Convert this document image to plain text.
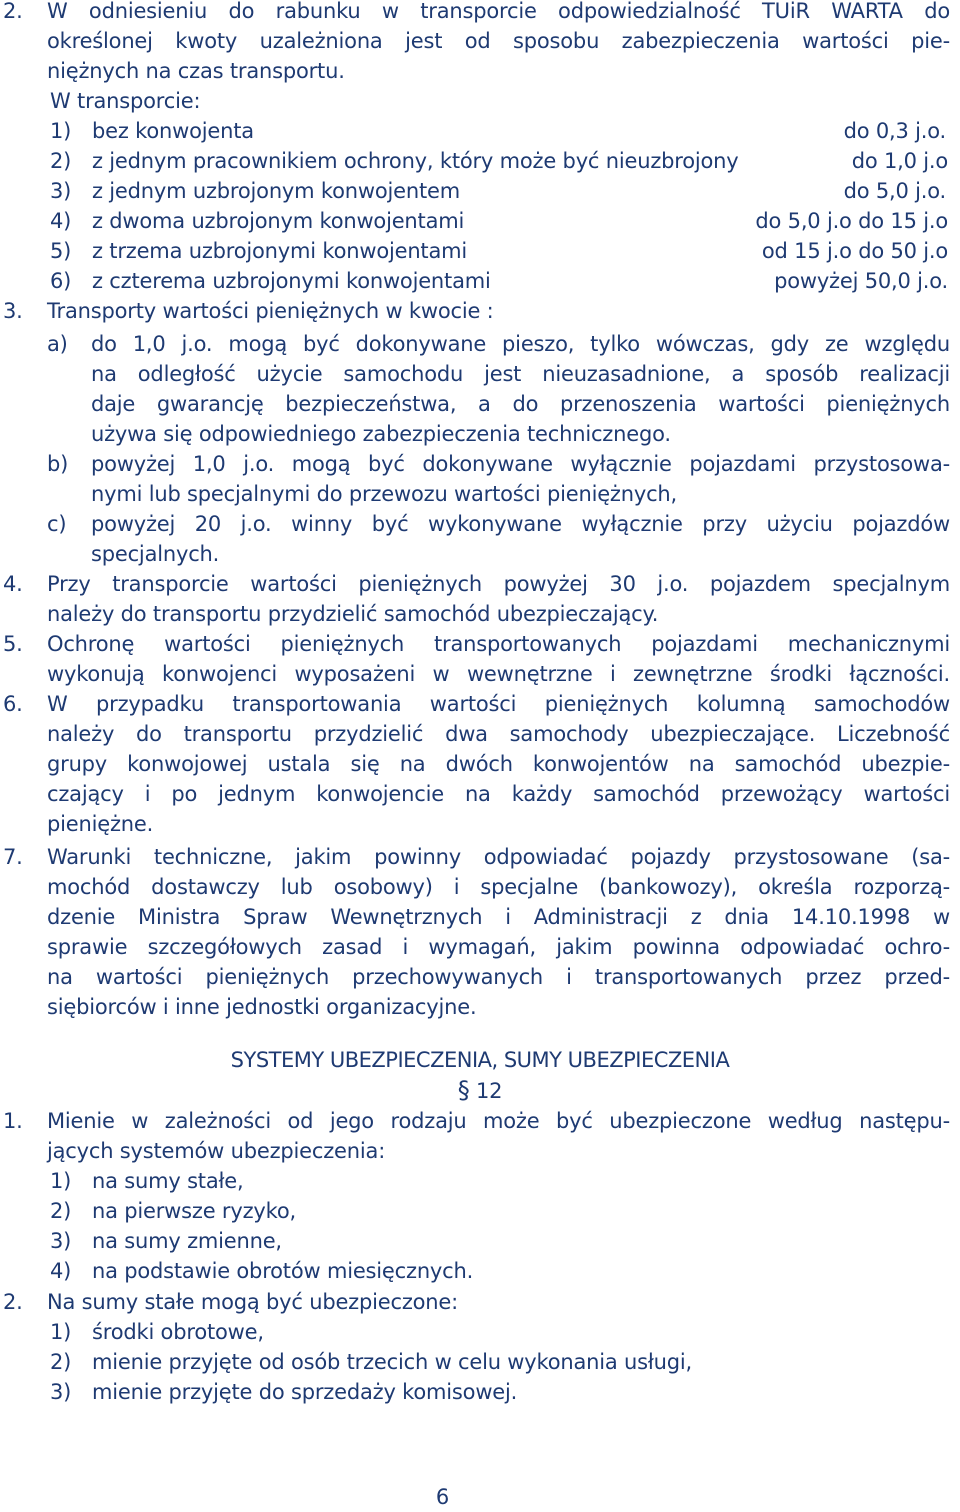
2. W odniesieniu do rabunku w transporcie odpowiedzialność TUiR WARTA do
określonej kwoty uzależniona jest od sposobu zabezpieczenia wartości pie-
niężnych na czas transportu.
W transporcie:
1) bez konwojenta	do 0,3 j.o.
2) z jednym pracownikiem ochrony, który może być nieuzbrojony	do 1,0 j.o
3) z jednym uzbrojonym konwojentem	do 5,0 j.o.
4) z dwoma uzbrojonym konwojentami	do 5,0 j.o do 15 j.o
5) z trzema uzbrojonymi konwojentami	od 15 j.o do 50 j.o
6) z czterema uzbrojonymi konwojentami	powyżej 50,0 j.o.
3. Transporty wartości pieniężnych w kwocie :
a) do 1,0 j.o. mogą być dokonywane pieszo, tylko wówczas, gdy ze względu
na odległość użycie samochodu jest nieuzasadnione, a sposób realizacji
daje gwarancję bezpieczeństwa, a do przenoszenia wartości pieniężnych
używa się odpowiedniego zabezpieczenia technicznego.
b) powyżej 1,0 j.o. mogą być dokonywane wyłącznie pojazdami przystosowa-
nymi lub specjalnymi do przewozu wartości pieniężnych,
c) powyżej 20 j.o. winny być wykonywane wyłącznie przy użyciu pojazdów
specjalnych.
4. Przy transporcie wartości pieniężnych powyżej 30 j.o. pojazdem specjalnym
należy do transportu przydzielić samochód ubezpieczający.
5. Ochronę wartości pieniężnych transportowanych pojazdami mechanicznymi
wykonują konwojenci wyposażeni w wewnętrzne i zewnętrzne środki łączności.
6. W przypadku transportowania wartości pieniężnych kolumną samochodów
należy do transportu przydzielić dwa samochody ubezpieczające. Liczebność
grupy konwojowej ustala się na dwóch konwojentów na samochód ubezpie-
czający i po jednym konwojencie na każdy samochód przewożący wartości
pieniężne.
7. Warunki techniczne, jakim powinny odpowiadać pojazdy przystosowane (sa-
mochód dostawczy lub osobowy) i specjalne (bankowozy), określa rozporzą-
dzenie Ministra Spraw Wewnętrznych i Administracji z dnia 14.10.1998 w
sprawie szczegółowych zasad i wymagań, jakim powinna odpowiadać ochro-
na wartości pieniężnych przechowywanych i transportowanych przez przed-
siębiorców i inne jednostki organizacyjne.
SYSTEMY UBEZPIECZENIA, SUMY UBEZPIECZENIA
§ 12
1. Mienie w zależności od jego rodzaju może być ubezpieczone według następu-
jących systemów ubezpieczenia:
1) na sumy stałe,
2) na pierwsze ryzyko,
3) na sumy zmienne,
4) na podstawie obrotów miesięcznych.
2. Na sumy stałe mogą być ubezpieczone:
1) środki obrotowe,
2) mienie przyjęte od osób trzecich w celu wykonania usługi,
3) mienie przyjęte do sprzedaży komisowej.
6
